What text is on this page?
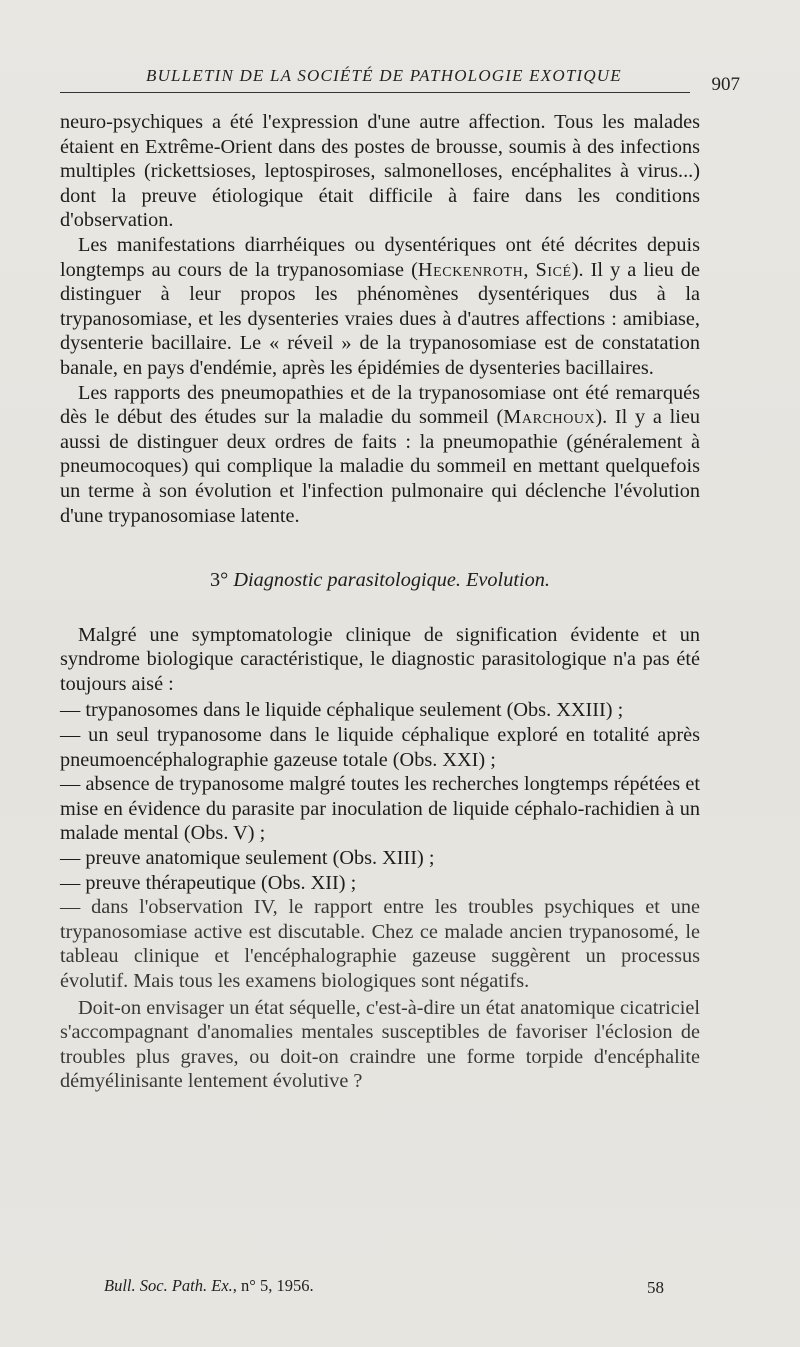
BULLETIN DE LA SOCIÉTÉ DE PATHOLOGIE EXOTIQUE	907

neuro-psychiques a été l'expression d'une autre affection. Tous les malades étaient en Extrême-Orient dans des postes de brousse, soumis à des infections multiples (rickettsioses, leptospiroses, salmonelloses, encéphalites à virus...) dont la preuve étiologique était difficile à faire dans les conditions d'observation.

Les manifestations diarrhéiques ou dysentériques ont été décrites depuis longtemps au cours de la trypanosomiase (Heckenroth, Sicé). Il y a lieu de distinguer à leur propos les phénomènes dysentériques dus à la trypanosomiase, et les dysenteries vraies dues à d'autres affections : amibiase, dysenterie bacillaire. Le « réveil » de la trypanosomiase est de constatation banale, en pays d'endémie, après les épidémies de dysenteries bacillaires.

Les rapports des pneumopathies et de la trypanosomiase ont été remarqués dès le début des études sur la maladie du sommeil (Marchoux). Il y a lieu aussi de distinguer deux ordres de faits : la pneumopathie (généralement à pneumocoques) qui complique la maladie du sommeil en mettant quelquefois un terme à son évolution et l'infection pulmonaire qui déclenche l'évolution d'une trypanosomiase latente.

3° Diagnostic parasitologique. Evolution.

Malgré une symptomatologie clinique de signification évidente et un syndrome biologique caractéristique, le diagnostic parasitologique n'a pas été toujours aisé :

— trypanosomes dans le liquide céphalique seulement (Obs. XXIII) ;

— un seul trypanosome dans le liquide céphalique exploré en totalité après pneumoencéphalographie gazeuse totale (Obs. XXI) ;

— absence de trypanosome malgré toutes les recherches longtemps répétées et mise en évidence du parasite par inoculation de liquide céphalo-rachidien à un malade mental (Obs. V) ;

— preuve anatomique seulement (Obs. XIII) ;

— preuve thérapeutique (Obs. XII) ;

— dans l'observation IV, le rapport entre les troubles psychiques et une trypanosomiase active est discutable. Chez ce malade ancien trypanosomé, le tableau clinique et l'encéphalographie gazeuse suggèrent un processus évolutif. Mais tous les examens biologiques sont négatifs.

Doit-on envisager un état séquelle, c'est-à-dire un état anatomique cicatriciel s'accompagnant d'anomalies mentales susceptibles de favoriser l'éclosion de troubles plus graves, ou doit-on craindre une forme torpide d'encéphalite démyélinisante lentement évolutive ?

Bull. Soc. Path. Ex., n° 5, 1956.	58
